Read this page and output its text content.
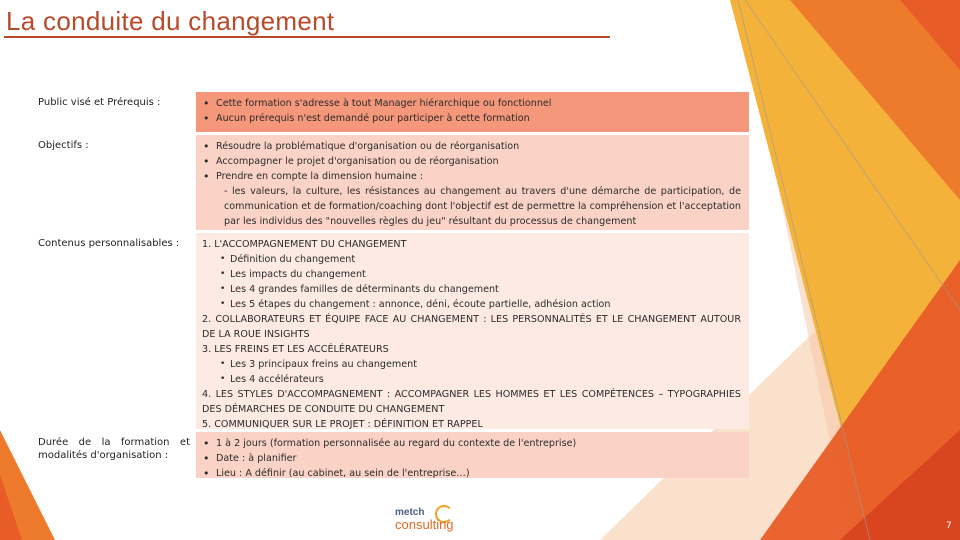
La conduite du changement
Public visé et Prérequis :	• Cette formation s'adresse à tout Manager hiérarchique ou fonctionnel
• Aucun prérequis n'est demandé pour participer à cette formation
Objectifs :	• Résoudre la problématique d'organisation ou de réorganisation
• Accompagner le projet d'organisation ou de réorganisation
• Prendre en compte la dimension humaine :
- les valeurs, la culture, les résistances au changement au travers d'une démarche de participation, de communication et de formation/coaching dont l'objectif est de permettre la compréhension et l'acceptation par les individus des "nouvelles règles du jeu" résultant du processus de changement
Contenus personnalisables :	1. L'ACCOMPAGNEMENT DU CHANGEMENT
• Définition du changement
• Les impacts du changement
• Les 4 grandes familles de déterminants du changement
• Les 5 étapes du changement : annonce, déni, écoute partielle, adhésion action
2. COLLABORATEURS ET ÉQUIPE FACE AU CHANGEMENT : LES PERSONNALITÉS ET LE CHANGEMENT AUTOUR DE LA ROUE INSIGHTS
3. LES FREINS ET LES ACCÉLÉRATEURS
• Les 3 principaux freins au changement
• Les 4 accélérateurs
4. LES STYLES D'ACCOMPAGNEMENT : ACCOMPAGNER LES HOMMES ET LES COMPÉTENCES – TYPOGRAPHIES DES DÉMARCHES DE CONDUITE DU CHANGEMENT
5. COMMUNIQUER SUR LE PROJET : DÉFINITION ET RAPPEL
Durée de la formation et modalités d'organisation :
• 1 à 2 jours (formation personnalisée au regard du contexte de l'entreprise)
• Date : à planifier
• Lieu : A définir (au cabinet, au sein de l'entreprise…)
metch
consulting	7
